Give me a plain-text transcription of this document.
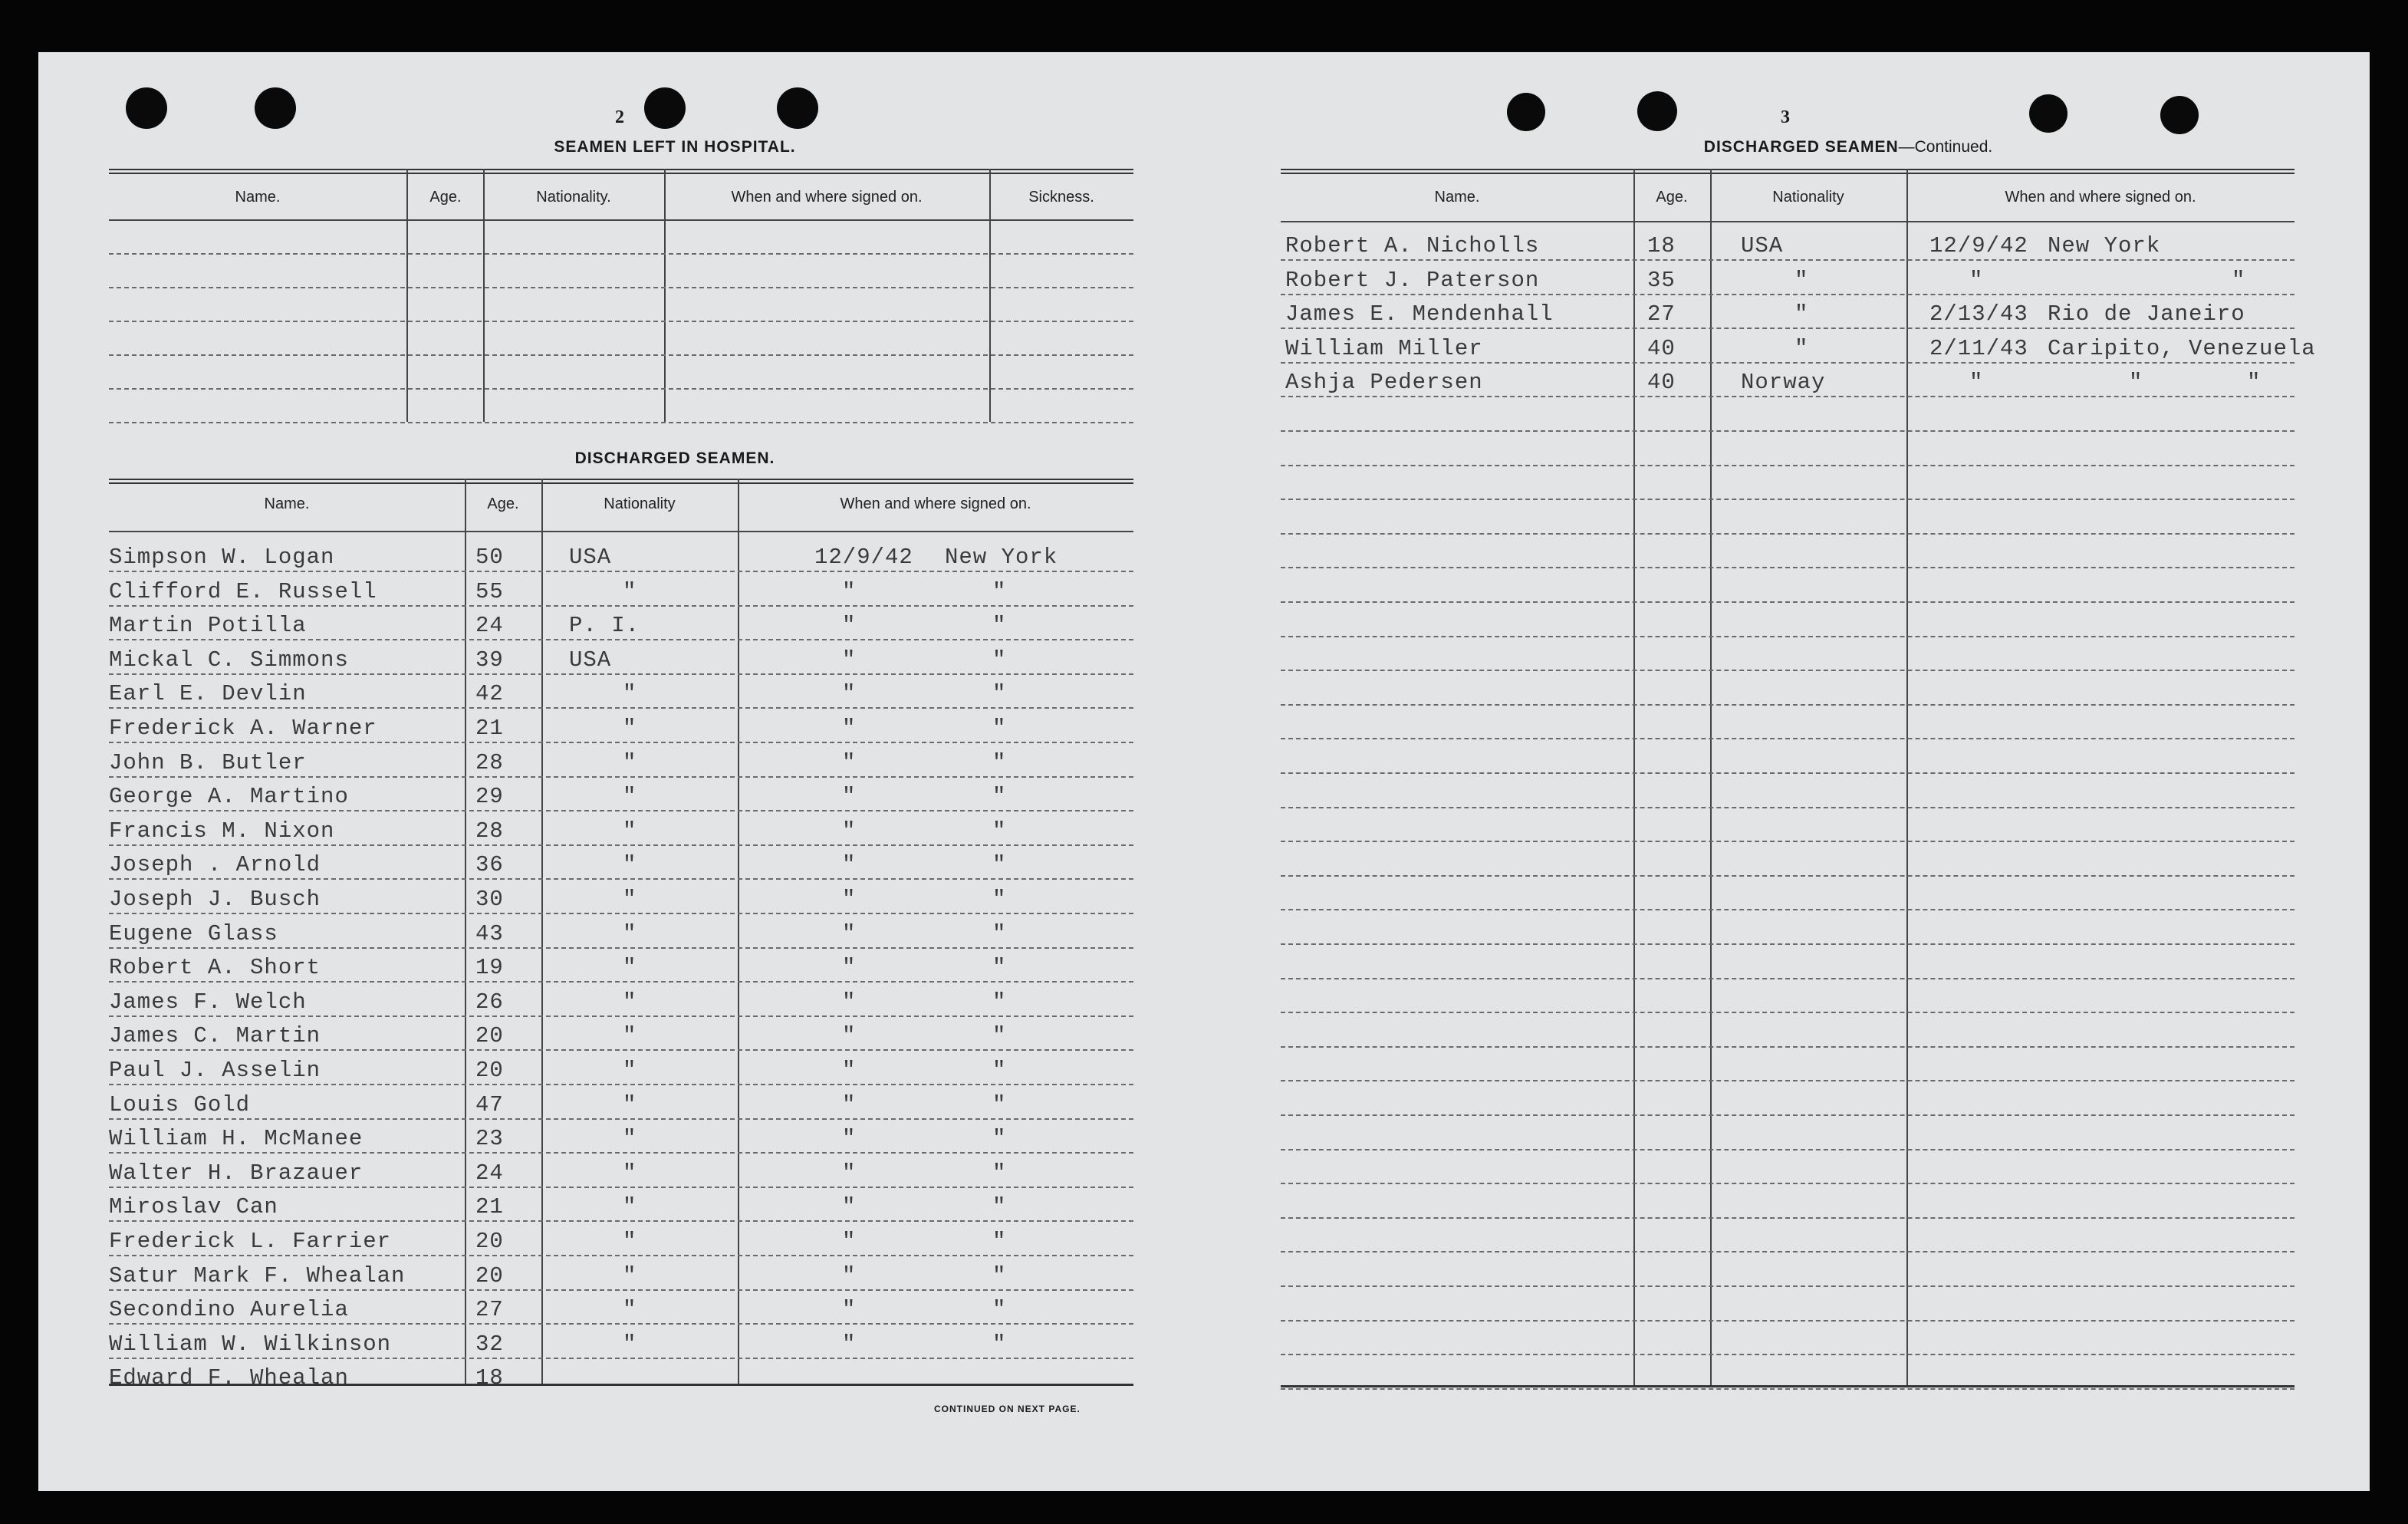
2
SEAMEN LEFT IN HOSPITAL.
Name.	Age.	Nationality.	When and where signed on.	Sickness.
DISCHARGED SEAMEN.
Name.	Age.	Nationality	When and where signed on.
Simpson W. Logan	50	USA	12/9/42 New York
Clifford E. Russell	55	"	"	"
Martin Potilla	24	P. I.	"	"
Mickal C. Simmons	39	USA	"	"
Earl E. Devlin	42	"	"	"
Frederick A. Warner	21	"	"	"
John B. Butler	28	"	"	"
George A. Martino	29	"	"	"
Francis M. Nixon	28	"	"	"
Joseph . Arnold	36	"	"	"
Joseph J. Busch	30	"	"	"
Eugene Glass	43	"	"	"
Robert A. Short	19	"	"	"
James F. Welch	26	"	"	"
James C. Martin	20	"	"	"
Paul J. Asselin	20	"	"	"
Louis Gold	47	"	"	"
William H. McManee	23	"	"	"
Walter H. Brazauer	24	"	"	"
Miroslav Can	21	"	"	"
Frederick L. Farrier	20	"	"	"
Satur Mark F. Whealan	20	"	"	"
Secondino Aurelia	27	"	"	"
William W. Wilkinson	32	"	"	"
Edward F. Whealan	18
CONTINUED ON NEXT PAGE.
3
DISCHARGED SEAMEN—Continued.
Name.	Age.	Nationality	When and where signed on.
Robert A. Nicholls	18	USA	12/9/42 New York
Robert J. Paterson	35	"	"	"
James E. Mendenhall	27	"	2/13/43 Rio de Janeiro
William Miller	40	"	2/11/43 Caripito, Venezuela
Ashja Pedersen	40	Norway	"	"	"
